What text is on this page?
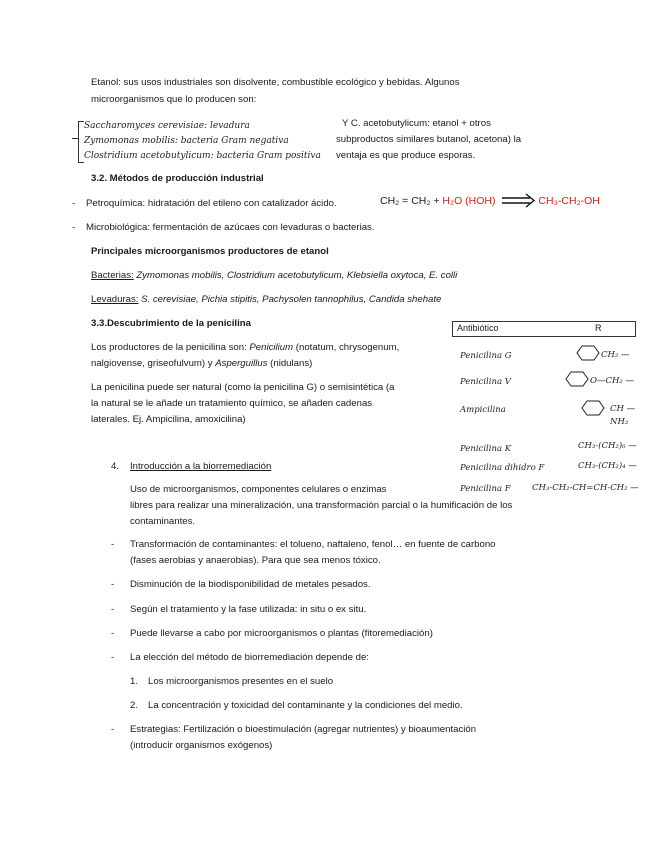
Etanol: sus usos industriales son disolvente, combustible ecológico y bebidas. Algunos
microorganismos que lo producen son:
Saccharomyces cerevisiae: levadura
Zymomonas mobilis: bacteria Gram negativa
Clostridium acetobutylicum: bacteria Gram positiva
Y C. acetobutylicum: etanol + otros
subproductos similares butanol, acetona) la
ventaja es que produce esporas.
3.2. Métodos de producción industrial
- Petroquímica: hidratación del etileno con catalizador ácido.	CH₂ = CH₂ + H₂O (HOH)	CH₃-CH₂-OH
- Microbiológica: fermentación de azúcaes con levaduras o bacterias.
Principales microorganismos productores de etanol
Bacterias: Zymomonas mobilis, Clostridium acetobutylicum, Klebsiella oxytoca, E. colli
Levaduras: S. cerevisiae, Pichia stipitis, Pachysolen tannophilus, Candida shehate
3.3.Descubrimiento de la penicilina
Los productores de la penicilina son: Penicilium (notatum, chrysogenum,
nalgiovense, griseofulvum) y Asperguillus (nidulans)
La penicilina puede ser natural (como la penicilina G) o semisintética (a
la natural se le añade un tratamiento químico, se añaden cadenas
laterales. Ej. Ampicilina, amoxicilina)
Antibiótico	R
Penicilina G	CH₂ —
Penicilina V	O—CH₂ —
Ampicilina	CH —
NH₂
Penicilina K	CH₃-(CH₂)₆ —
Penicilina dihidro F	CH₃-(CH₂)₄ —
Penicilina F	CH₃-CH₂-CH=CH-CH₂ —
4. Introducción a la biorremediación
Uso de microorganismos, componentes celulares o enzimas
libres para realizar una mineralización, una transformación parcial o la humificación de los
contaminantes.
- Transformación de contaminantes: el tolueno, naftaleno, fenol… en fuente de carbono
(fases aerobias y anaerobias). Para que sea menos tóxico.
- Disminución de la biodisponibilidad de metales pesados.
- Según el tratamiento y la fase utilizada: in situ o ex situ.
- Puede llevarse a cabo por microorganismos o plantas (fitoremediación)
- La elección del método de biorremediación depende de:
1. Los microorganismos presentes en el suelo
2. La concentración y toxicidad del contaminante y la condiciones del medio.
- Estrategias: Fertilización o bioestimulación (agregar nutrientes) y bioaumentación
(introducir organismos exógenos)
